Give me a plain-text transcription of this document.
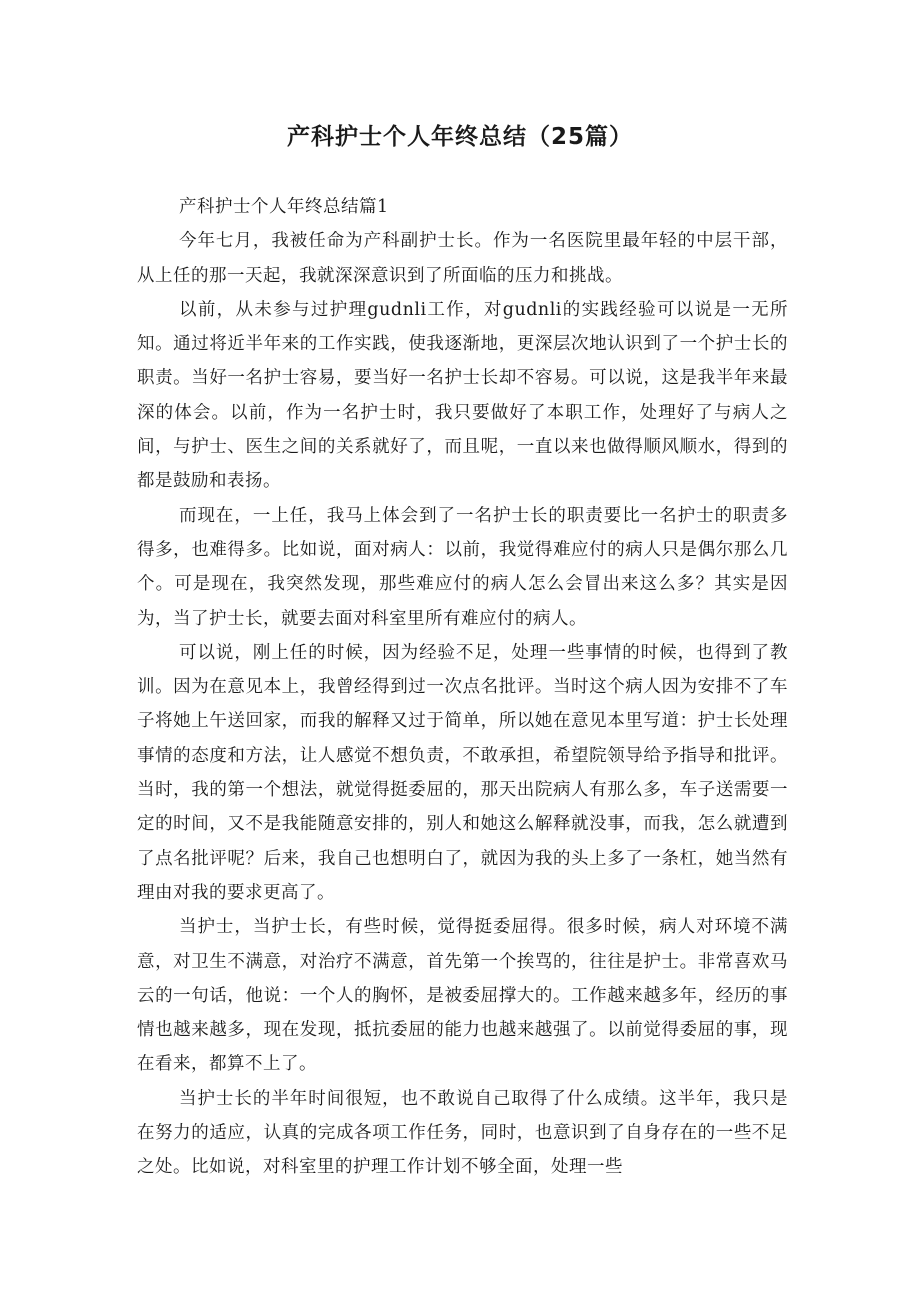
产科护士个人年终总结（25篇）

产科护士个人年终总结篇1

今年七月，我被任命为产科副护士长。作为一名医院里最年轻的中层干部，从上任的那一天起，我就深深意识到了所面临的压力和挑战。

以前，从未参与过护理gudnli工作，对gudnli的实践经验可以说是一无所知。通过将近半年来的工作实践，使我逐渐地，更深层次地认识到了一个护士长的职责。当好一名护士容易，要当好一名护士长却不容易。可以说，这是我半年来最深的体会。以前，作为一名护士时，我只要做好了本职工作，处理好了与病人之间，与护士、医生之间的关系就好了，而且呢，一直以来也做得顺风顺水，得到的都是鼓励和表扬。

而现在，一上任，我马上体会到了一名护士长的职责要比一名护士的职责多得多，也难得多。比如说，面对病人：以前，我觉得难应付的病人只是偶尔那么几个。可是现在，我突然发现，那些难应付的病人怎么会冒出来这么多？其实是因为，当了护士长，就要去面对科室里所有难应付的病人。

可以说，刚上任的时候，因为经验不足，处理一些事情的时候，也得到了教训。因为在意见本上，我曾经得到过一次点名批评。当时这个病人因为安排不了车子将她上午送回家，而我的解释又过于简单，所以她在意见本里写道：护士长处理事情的态度和方法，让人感觉不想负责，不敢承担，希望院领导给予指导和批评。当时，我的第一个想法，就觉得挺委屈的，那天出院病人有那么多，车子送需要一定的时间，又不是我能随意安排的，别人和她这么解释就没事，而我，怎么就遭到了点名批评呢？后来，我自己也想明白了，就因为我的头上多了一条杠，她当然有理由对我的要求更高了。

当护士，当护士长，有些时候，觉得挺委屈得。很多时候，病人对环境不满意，对卫生不满意，对治疗不满意，首先第一个挨骂的，往往是护士。非常喜欢马云的一句话，他说：一个人的胸怀，是被委屈撑大的。工作越来越多年，经历的事情也越来越多，现在发现，抵抗委屈的能力也越来越强了。以前觉得委屈的事，现在看来，都算不上了。

当护士长的半年时间很短，也不敢说自己取得了什么成绩。这半年，我只是在努力的适应，认真的完成各项工作任务，同时，也意识到了自身存在的一些不足之处。比如说，对科室里的护理工作计划不够全面，处理一些
